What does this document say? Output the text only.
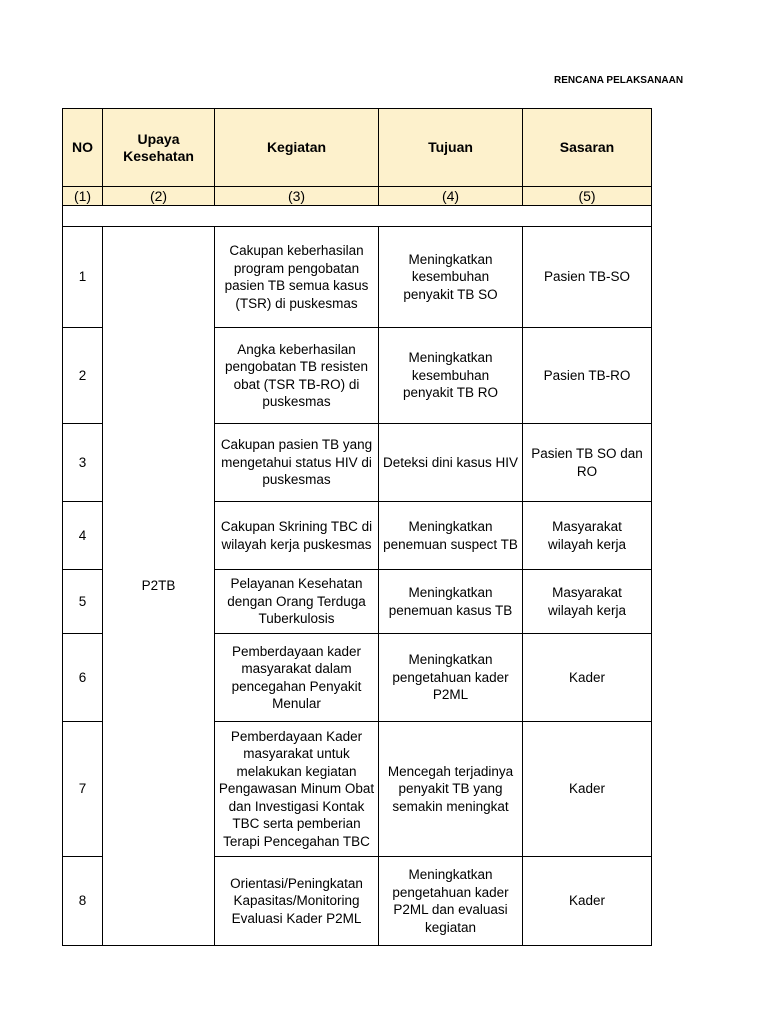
RENCANA PELAKSANAAN
NO	Upaya Kesehatan	Kegiatan	Tujuan	Sasaran
(1)	(2)	(3)	(4)	(5)

1	P2TB	Cakupan keberhasilan program pengobatan pasien TB semua kasus (TSR) di puskesmas	Meningkatkan kesembuhan penyakit TB SO	Pasien TB-SO
2		Angka keberhasilan pengobatan TB resisten obat (TSR TB-RO) di puskesmas	Meningkatkan kesembuhan penyakit TB RO	Pasien TB-RO
3		Cakupan pasien TB yang mengetahui status HIV di puskesmas	Deteksi dini kasus HIV	Pasien TB SO dan RO
4		Cakupan Skrining TBC di wilayah kerja puskesmas	Meningkatkan penemuan suspect TB	Masyarakat wilayah kerja
5		Pelayanan Kesehatan dengan Orang Terduga Tuberkulosis	Meningkatkan penemuan kasus TB	Masyarakat wilayah kerja
6		Pemberdayaan kader masyarakat dalam pencegahan Penyakit Menular	Meningkatkan pengetahuan kader P2ML	Kader
7		Pemberdayaan Kader masyarakat untuk melakukan kegiatan Pengawasan Minum Obat dan Investigasi Kontak TBC serta pemberian Terapi Pencegahan TBC	Mencegah terjadinya penyakit TB yang semakin meningkat	Kader
8		Orientasi/Peningkatan Kapasitas/Monitoring Evaluasi Kader P2ML	Meningkatkan pengetahuan kader P2ML dan evaluasi kegiatan	Kader
